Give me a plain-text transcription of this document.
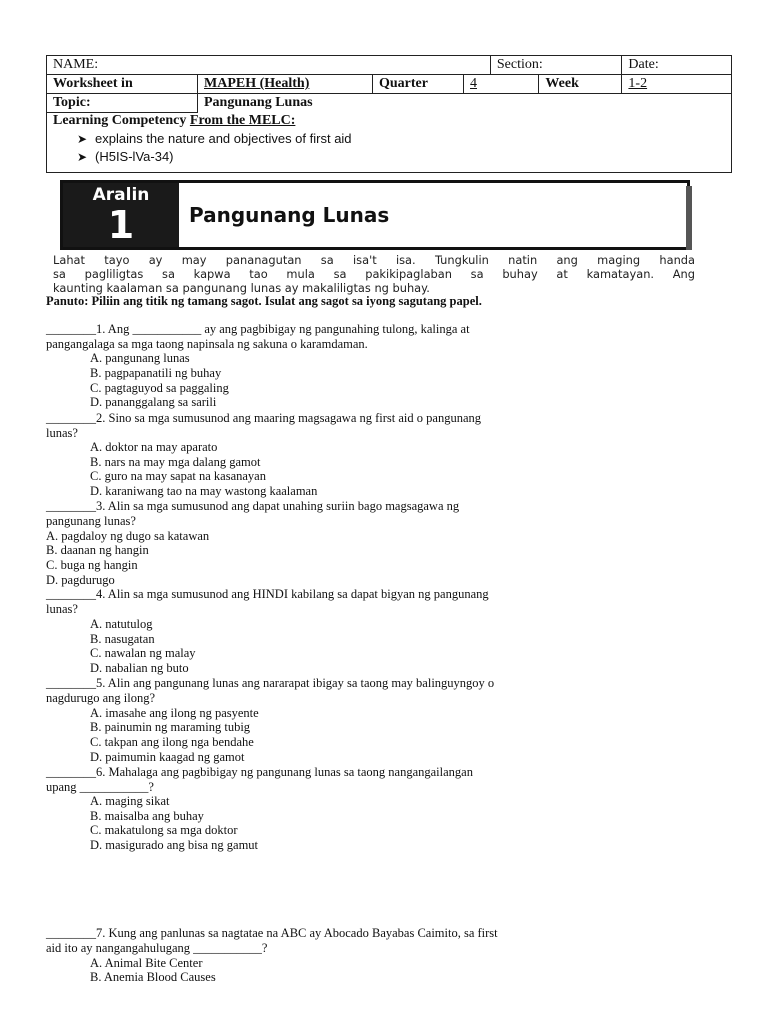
NAME:				Section:		Date:
Worksheet in	MAPEH (Health)	Quarter	4		Week	1-2
Topic:	Pangunang Lunas					
Learning Competency From the MELC:
➤ explains the nature and objectives of first aid
➤ (H5IS-lVa-34)
Aralin
1	Pangunang Lunas

Lahat tayo ay may pananagutan sa isa't isa. Tungkulin natin ang maging handa

sa pagliligtas sa kapwa tao mula sa pakikipaglaban sa buhay at kamatayan. Ang

kaunting kaalaman sa pangunang lunas ay makaliligtas ng buhay.

Panuto: Piliin ang titik ng tamang sagot. Isulat ang sagot sa iyong sagutang papel.
________1. Ang ___________ ay ang pagbibigay ng pangunahing tulong, kalinga at
pangangalaga sa mga taong napinsala ng sakuna o karamdaman.
A. pangunang lunas
B. pagpapanatili ng buhay
C. pagtaguyod sa paggaling
D. pananggalang sa sarili
________2. Sino sa mga sumusunod ang maaring magsagawa ng first aid o pangunang
lunas?
A. doktor na may aparato
B. nars na may mga dalang gamot
C. guro na may sapat na kasanayan
D. karaniwang tao na may wastong kaalaman
________3. Alin sa mga sumusunod ang dapat unahing suriin bago magsagawa ng
pangunang lunas?
A. pagdaloy ng dugo sa katawan
B. daanan ng hangin
C. buga ng hangin
D. pagdurugo
________4. Alin sa mga sumusunod ang HINDI kabilang sa dapat bigyan ng pangunang
lunas?
A. natutulog
B. nasugatan
C. nawalan ng malay
D. nabalian ng buto
________5. Alin ang pangunang lunas ang nararapat ibigay sa taong may balinguyngoy o
nagdurugo ang ilong?
A. imasahe ang ilong ng pasyente
B. painumin ng maraming tubig
C. takpan ang ilong nga bendahe
D. paimumin kaagad ng gamot
________6. Mahalaga ang pagbibigay ng pangunang lunas sa taong nangangailangan
upang ___________?
A. maging sikat
B. maisalba ang buhay
C. makatulong sa mga doktor
D. masigurado ang bisa ng gamut
________7. Kung ang panlunas sa nagtatae na ABC ay Abocado Bayabas Caimito, sa first
aid ito ay nangangahulugang ___________?
A. Animal Bite Center
B. Anemia Blood Causes
